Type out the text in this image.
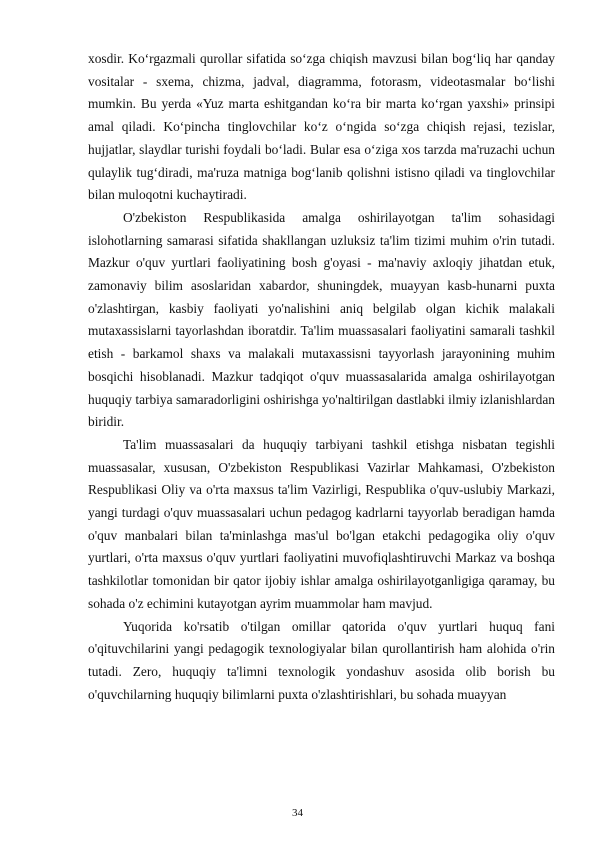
xosdir. Ko‘rgazmali qurollar sifatida so‘zga chiqish mavzusi bilan bog‘liq har qanday vositalar - sxema, chizma, jadval, diagramma, fotorasm, videotasmalar bo‘lishi mumkin. Bu yerda «Yuz marta eshitgandan ko‘ra bir marta ko‘rgan yaxshi» prinsipi amal qiladi. Ko‘pincha tinglovchilar ko‘z o‘ngida so‘zga chiqish rejasi, tezislar, hujjatlar, slaydlar turishi foydali bo‘ladi. Bular esa o‘ziga xos tarzda ma'ruzachi uchun qulaylik tug‘diradi, ma'ruza matniga bog‘lanib qolishni istisno qiladi va tinglovchilar bilan muloqotni kuchaytiradi.

O'zbekiston Respublikasida amalga oshirilayotgan ta'lim sohasidagi islohotlarning samarasi sifatida shakllangan uzluksiz ta'lim tizimi muhim o'rin tutadi. Mazkur o'quv yurtlari faoliyatining bosh g'oyasi - ma'naviy axloqiy jihatdan etuk, zamonaviy bilim asoslaridan xabardor, shuningdek, muayyan kasb-hunarni puxta o'zlashtirgan, kasbiy faoliyati yo'nalishini aniq belgilab olgan kichik malakali mutaxassislarni tayorlashdan iboratdir. Ta'lim muassasalari faoliyatini samarali tashkil etish - barkamol shaxs va malakali mutaxassisni tayyorlash jarayonining muhim bosqichi hisoblanadi. Mazkur tadqiqot o'quv muassasalarida amalga oshirilayotgan huquqiy tarbiya samaradorligini oshirishga yo'naltirilgan dastlabki ilmiy izlanishlardan biridir.

Ta'lim muassasalari da huquqiy tarbiyani tashkil etishga nisbatan tegishli muassasalar, xususan, O'zbekiston Respublikasi Vazirlar Mahkamasi, O'zbekiston Respublikasi Oliy va o'rta maxsus ta'lim Vazirligi, Respublika o'quv-uslubiy Markazi, yangi turdagi o'quv muassasalari uchun pedagog kadrlarni tayyorlab beradigan hamda o'quv manbalari bilan ta'minlashga mas'ul bo'lgan etakchi pedagogika oliy o'quv yurtlari, o'rta maxsus o'quv yurtlari faoliyatini muvofiqlashtiruvchi Markaz va boshqa tashkilotlar tomonidan bir qator ijobiy ishlar amalga oshirilayotganligiga qaramay, bu sohada o'z echimini kutayotgan ayrim muammolar ham mavjud.

Yuqorida ko'rsatib o'tilgan omillar qatorida o'quv yurtlari huquq fani o'qituvchilarini yangi pedagogik texnologiyalar bilan qurollantirish ham alohida o'rin tutadi. Zero, huquqiy ta'limni texnologik yondashuv asosida olib borish bu o'quvchilarning huquqiy bilimlarni puxta o'zlashtirishlari, bu sohada muayyan

34
